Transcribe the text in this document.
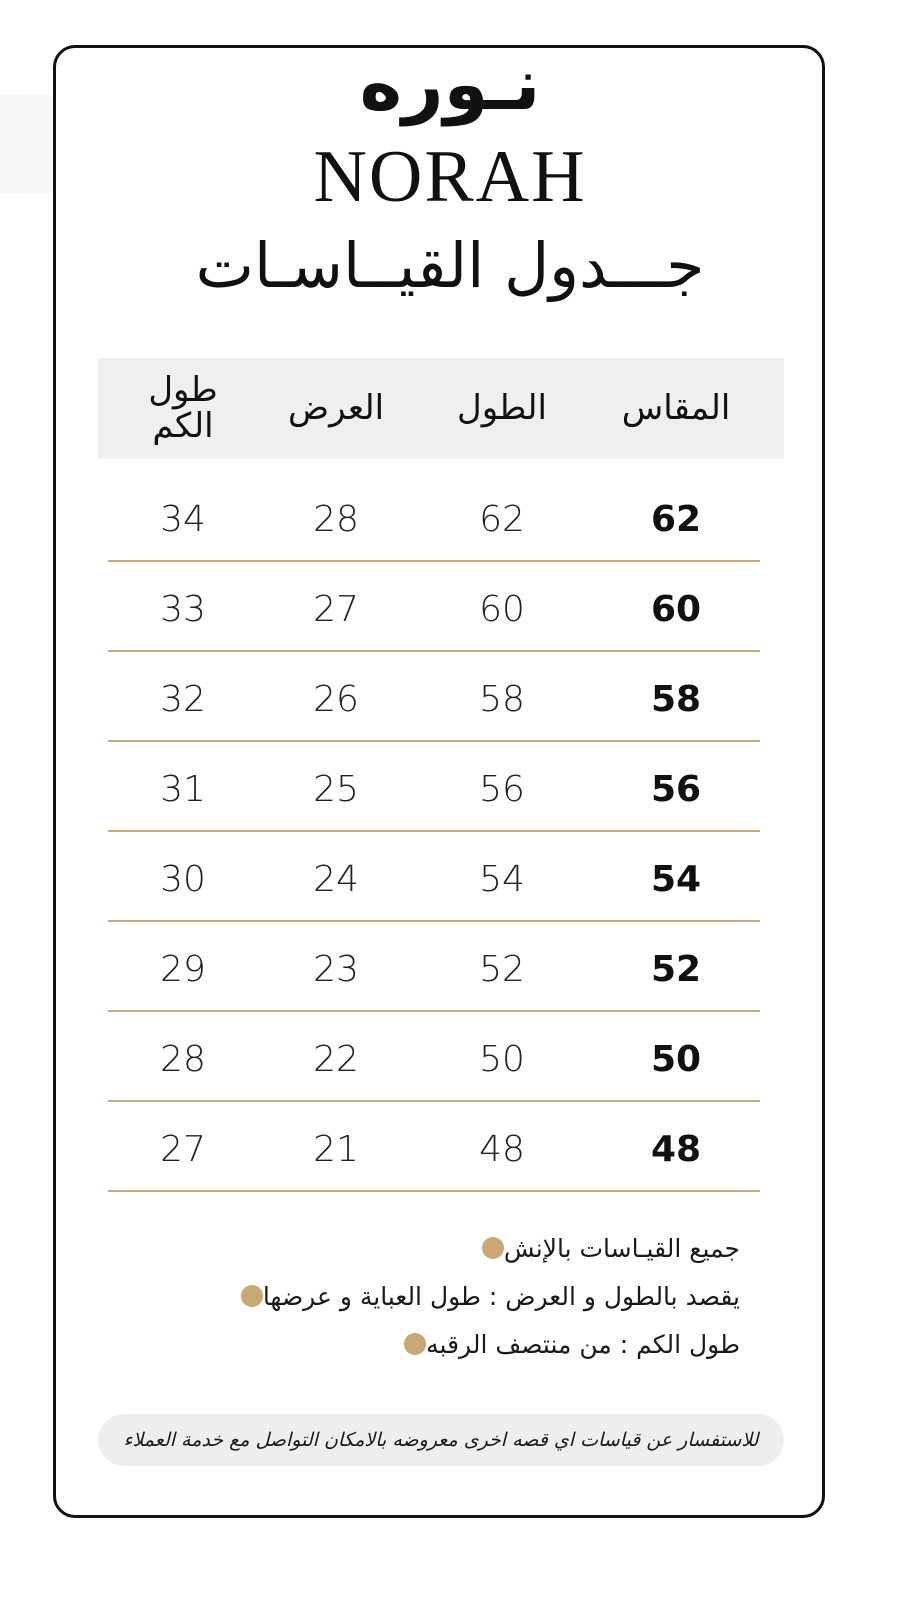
نـوره
NORAH
جـــدول القيــاسـات
المقاس
الطول
العرض
طول الكم
62
62
28
34
60
60
27
33
58
58
26
32
56
56
25
31
54
54
24
30
52
52
23
29
50
50
22
28
48
48
21
27
جميع القيـاسات بالإنش
يقصد بالطول و العرض : طول العباية و عرضها
طول الكم : من منتصف الرقبه
للاستفسار عن قياسات اي قصه اخرى معروضه بالامكان التواصل مع خدمة العملاء
